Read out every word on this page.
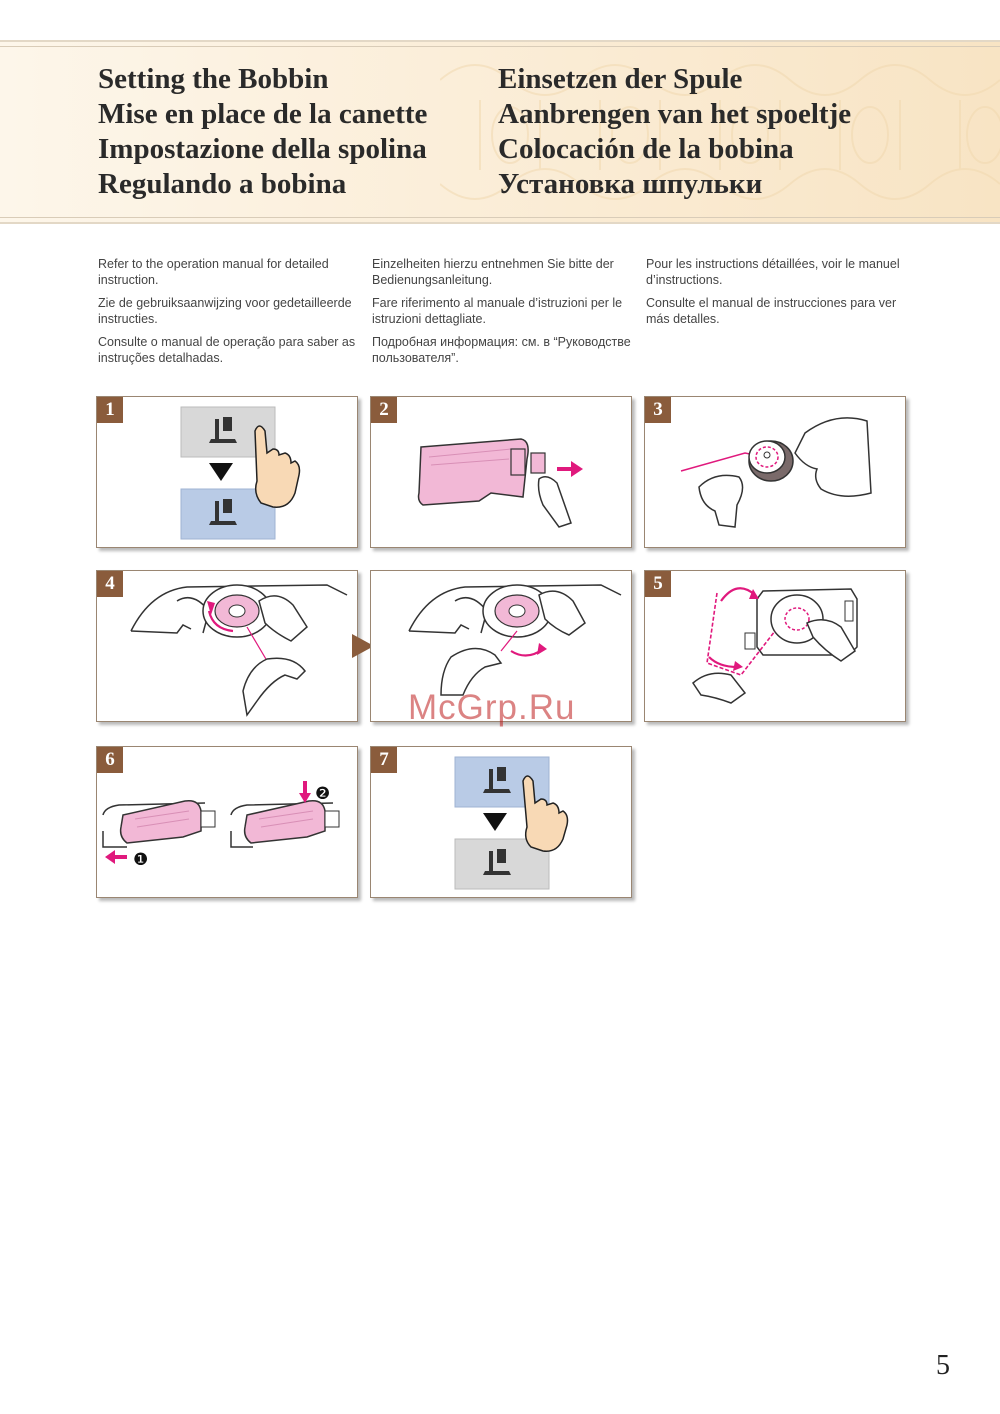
Setting the Bobbin
Mise en place de la canette
Impostazione della spolina
Regulando a bobina
Einsetzen der Spule
Aanbrengen van het spoeltje
Colocación de la bobina
Установка шпульки

Refer to the operation manual for detailed instruction.

Zie de gebruiksaanwijzing voor gedetailleerde instructies.

Consulte o manual de operação para saber as instruções detalhadas.

Einzelheiten hierzu entnehmen Sie bitte der Bedienungsanleitung.

Fare riferimento al manuale d’istruzioni per le istruzioni dettagliate.

Подробная информация: см. в “Руководстве пользователя”.

Pour les instructions détaillées, voir le manuel d’instructions.

Consulte el manual de instrucciones para ver más detalles.

1	2	3
4	5
❶
❷
6	7
McGrp.Ru
5
